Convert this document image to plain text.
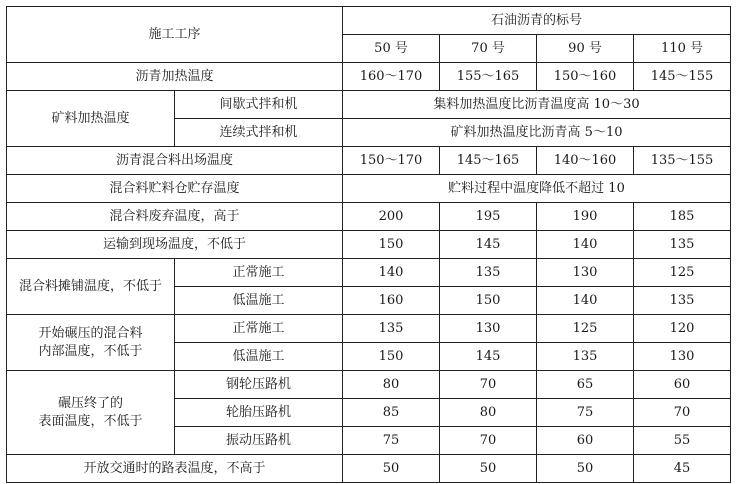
施工工序		石油沥青的标号			
		50 号	70 号	90 号	110 号
沥青加热温度		160～170	155～165	150～160	145～155
矿料加热温度	间歇式拌和机	集料加热温度比沥青温度高 10～30			
	连续式拌和机	矿料加热温度比沥青高 5～10			
沥青混合料出场温度		150～170	145～165	140～160	135～155
混合料贮料仓贮存温度		贮料过程中温度降低不超过 10			
混合料废弃温度，高于		200	195	190	185
运输到现场温度，不低于		150	145	140	135
混合料摊铺温度，不低于	正常施工	140	135	130	125
	低温施工	160	150	140	135
开始碾压的混合料
内部温度，不低于	正常施工	135	130	125	120
	低温施工	150	145	135	130
碾压终了的
表面温度，不低于	钢轮压路机	80	70	65	60
	轮胎压路机	85	80	75	70
	振动压路机	75	70	60	55
开放交通时的路表温度，不高于		50	50	50	45
